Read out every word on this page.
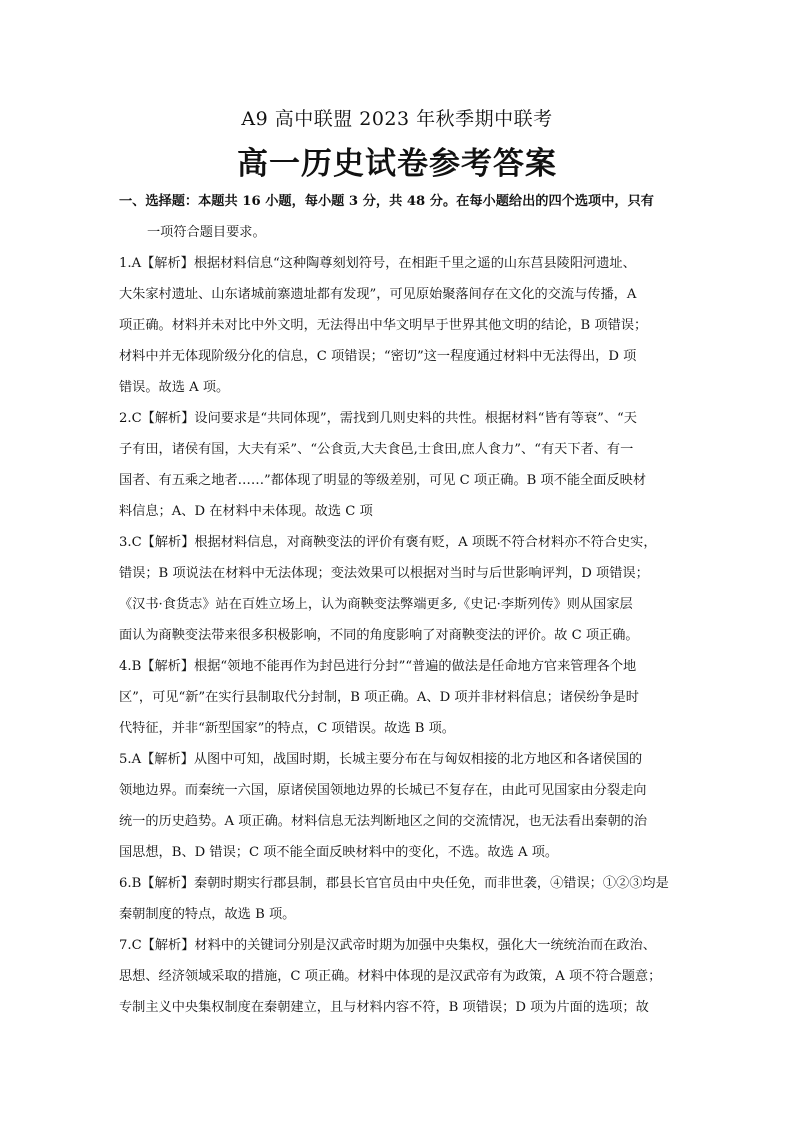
A9 高中联盟 2023 年秋季期中联考
高一历史试卷参考答案
一、选择题：本题共 16 小题，每小题 3 分，共 48 分。在每小题给出的四个选项中，只有
一项符合题目要求。
1.A【解析】根据材料信息“这种陶尊刻划符号，在相距千里之遥的山东莒县陵阳河遗址、
大朱家村遗址、山东诸城前寨遗址都有发现”，可见原始聚落间存在文化的交流与传播，A
项正确。材料并未对比中外文明，无法得出中华文明早于世界其他文明的结论，B 项错误；
材料中并无体现阶级分化的信息，C 项错误；“密切”这一程度通过材料中无法得出，D 项
错误。故选 A 项。
2.C【解析】设问要求是“共同体现”，需找到几则史料的共性。根据材料“皆有等衰”、“天
子有田，诸侯有国，大夫有采”、“公食贡,大夫食邑,士食田,庶人食力”、“有天下者、有一
国者、有五乘之地者……”都体现了明显的等级差别，可见 C 项正确。B 项不能全面反映材
料信息；A、D 在材料中未体现。故选 C 项
3.C【解析】根据材料信息，对商鞅变法的评价有褒有贬，A 项既不符合材料亦不符合史实，
错误；B 项说法在材料中无法体现；变法效果可以根据对当时与后世影响评判，D 项错误；
《汉书·食货志》站在百姓立场上，认为商鞅变法弊端更多,《史记·李斯列传》则从国家层
面认为商鞅变法带来很多积极影响，不同的角度影响了对商鞅变法的评价。故 C 项正确。
4.B【解析】根据“领地不能再作为封邑进行分封”“普遍的做法是任命地方官来管理各个地
区”，可见“新”在实行县制取代分封制，B 项正确。A、D 项并非材料信息；诸侯纷争是时
代特征，并非“新型国家”的特点，C 项错误。故选 B 项。
5.A【解析】从图中可知，战国时期，长城主要分布在与匈奴相接的北方地区和各诸侯国的
领地边界。而秦统一六国，原诸侯国领地边界的长城已不复存在，由此可见国家由分裂走向
统一的历史趋势。A 项正确。材料信息无法判断地区之间的交流情况，也无法看出秦朝的治
国思想，B、D 错误；C 项不能全面反映材料中的变化，不选。故选 A 项。
6.B【解析】秦朝时期实行郡县制，郡县长官官员由中央任免，而非世袭，④错误；①②③均是
秦朝制度的特点，故选 B 项。
7.C【解析】材料中的关键词分别是汉武帝时期为加强中央集权，强化大一统统治而在政治、
思想、经济领域采取的措施，C 项正确。材料中体现的是汉武帝有为政策，A 项不符合题意；
专制主义中央集权制度在秦朝建立，且与材料内容不符，B 项错误；D 项为片面的选项；故
